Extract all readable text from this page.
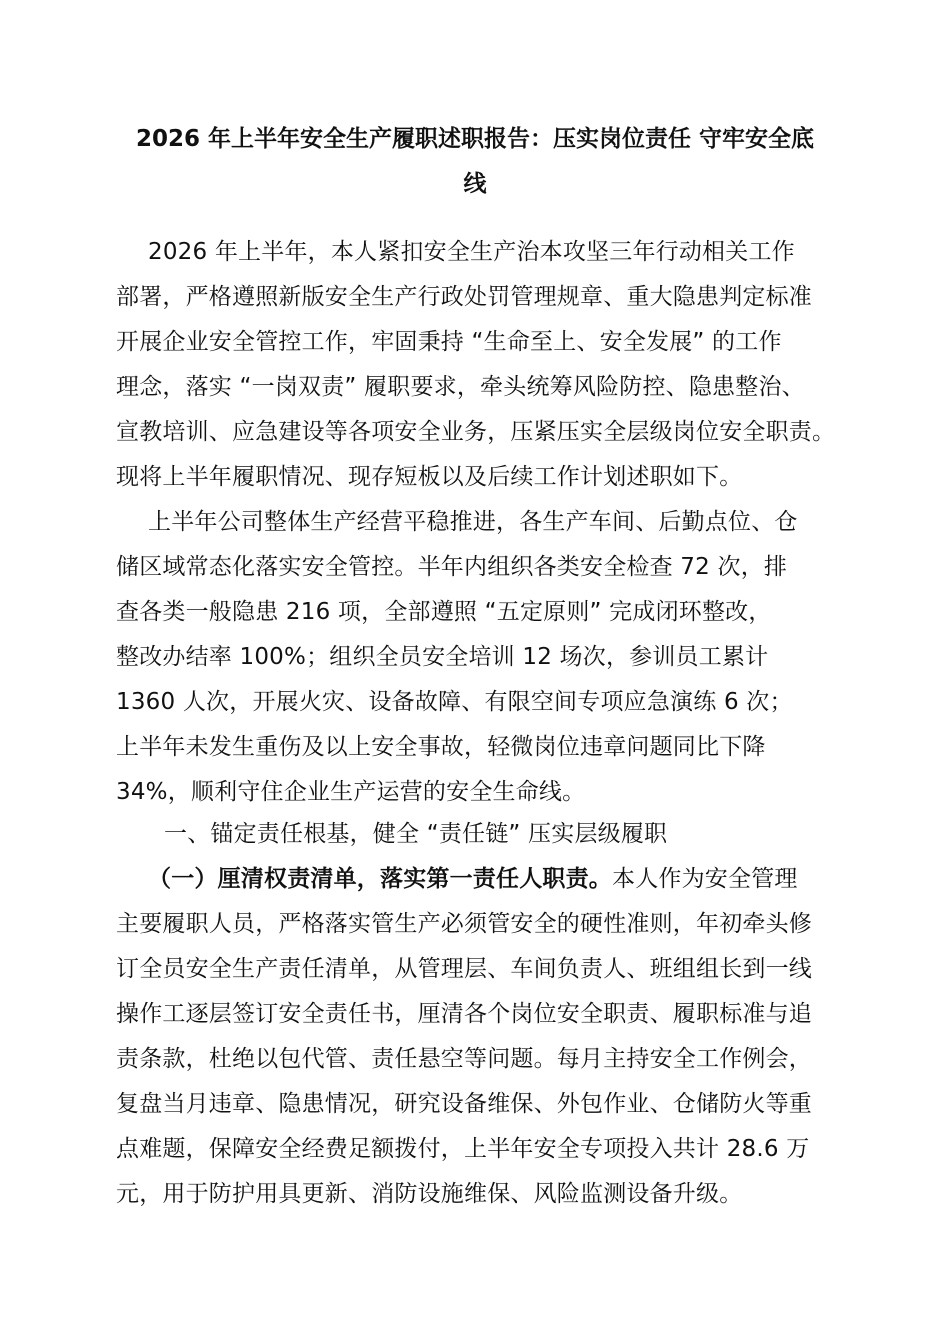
2026 年上半年安全生产履职述职报告：压实岗位责任 守牢安全底
线
2026 年上半年，本人紧扣安全生产治本攻坚三年行动相关工作
部署，严格遵照新版安全生产行政处罚管理规章、重大隐患判定标准
开展企业安全管控工作，牢固秉持 “生命至上、安全发展” 的工作
理念，落实 “一岗双责” 履职要求，牵头统筹风险防控、隐患整治、
宣教培训、应急建设等各项安全业务，压紧压实全层级岗位安全职责。
现将上半年履职情况、现存短板以及后续工作计划述职如下。
上半年公司整体生产经营平稳推进，各生产车间、后勤点位、仓
储区域常态化落实安全管控。半年内组织各类安全检查 72 次，排
查各类一般隐患 216 项，全部遵照 “五定原则” 完成闭环整改，
整改办结率 100%；组织全员安全培训 12 场次，参训员工累计
1360 人次，开展火灾、设备故障、有限空间专项应急演练 6 次；
上半年未发生重伤及以上安全事故，轻微岗位违章问题同比下降
34%，顺利守住企业生产运营的安全生命线。
一、锚定责任根基，健全 “责任链” 压实层级履职
（一）厘清权责清单，落实第一责任人职责。本人作为安全管理
主要履职人员，严格落实管生产必须管安全的硬性准则，年初牵头修
订全员安全生产责任清单，从管理层、车间负责人、班组组长到一线
操作工逐层签订安全责任书，厘清各个岗位安全职责、履职标准与追
责条款，杜绝以包代管、责任悬空等问题。每月主持安全工作例会，
复盘当月违章、隐患情况，研究设备维保、外包作业、仓储防火等重
点难题，保障安全经费足额拨付，上半年安全专项投入共计 28.6 万
元，用于防护用具更新、消防设施维保、风险监测设备升级。
